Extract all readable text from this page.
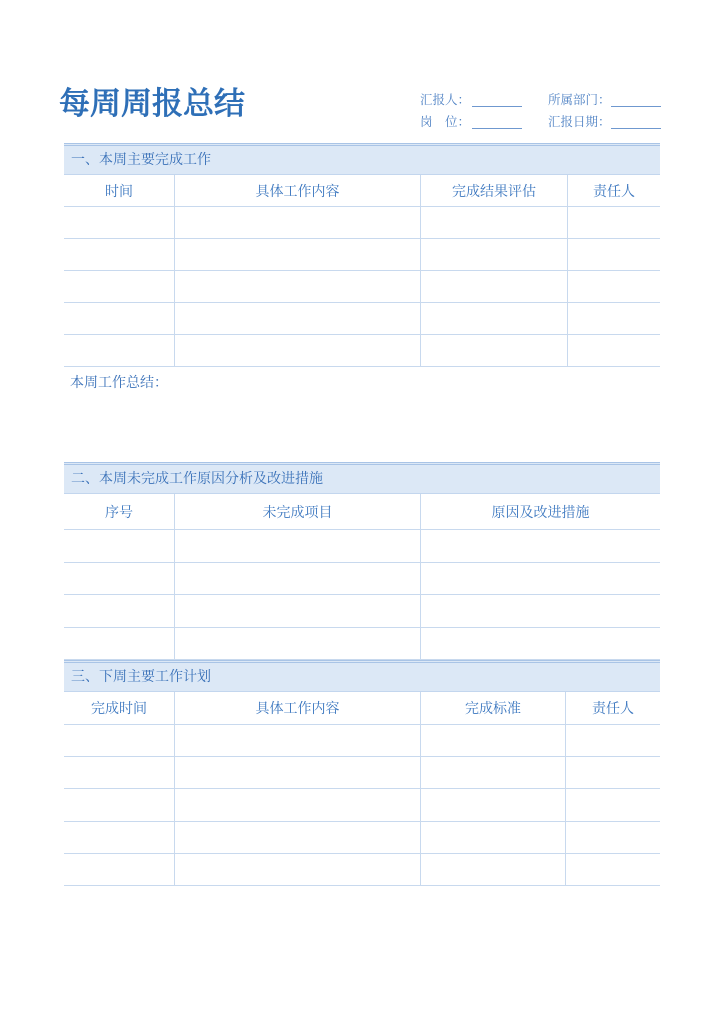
每周周报总结	汇报人：	所属部门：
岗　位：	汇报日期：
一、本周主要完成工作
时间	具体工作内容	完成结果评估	责任人
本周工作总结：
二、本周未完成工作原因分析及改进措施
序号	未完成项目	原因及改进措施
三、下周主要工作计划
完成时间	具体工作内容	完成标准	责任人
